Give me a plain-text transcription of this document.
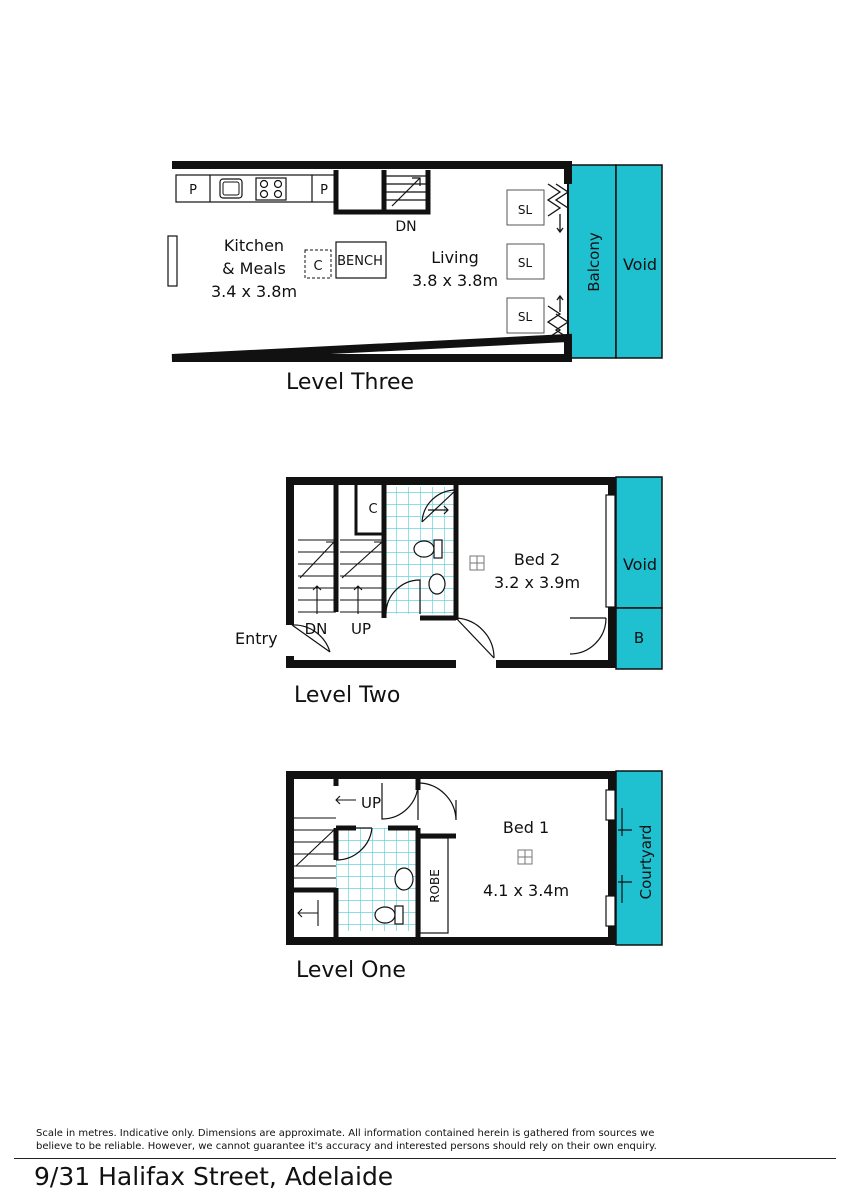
P	P
Kitchen
& Meals
3.4 x 3.8m
C BENCH
DN
Living
3.8 x 3.8m
SL
SL
SL
Balcony Void
Level Three
C
Bed 2
3.2 x 3.9m
DN UP
Entry
Void
B
Level Two
UP
Bed 1
4.1 x 3.4m
ROBE	Courtyard
Level One
Scale in metres. Indicative only. Dimensions are approximate. All information contained herein is gathered from sources we believe to be reliable. However, we cannot guarantee it's accuracy and interested persons should rely on their own enquiry.
9/31 Halifax Street, Adelaide
